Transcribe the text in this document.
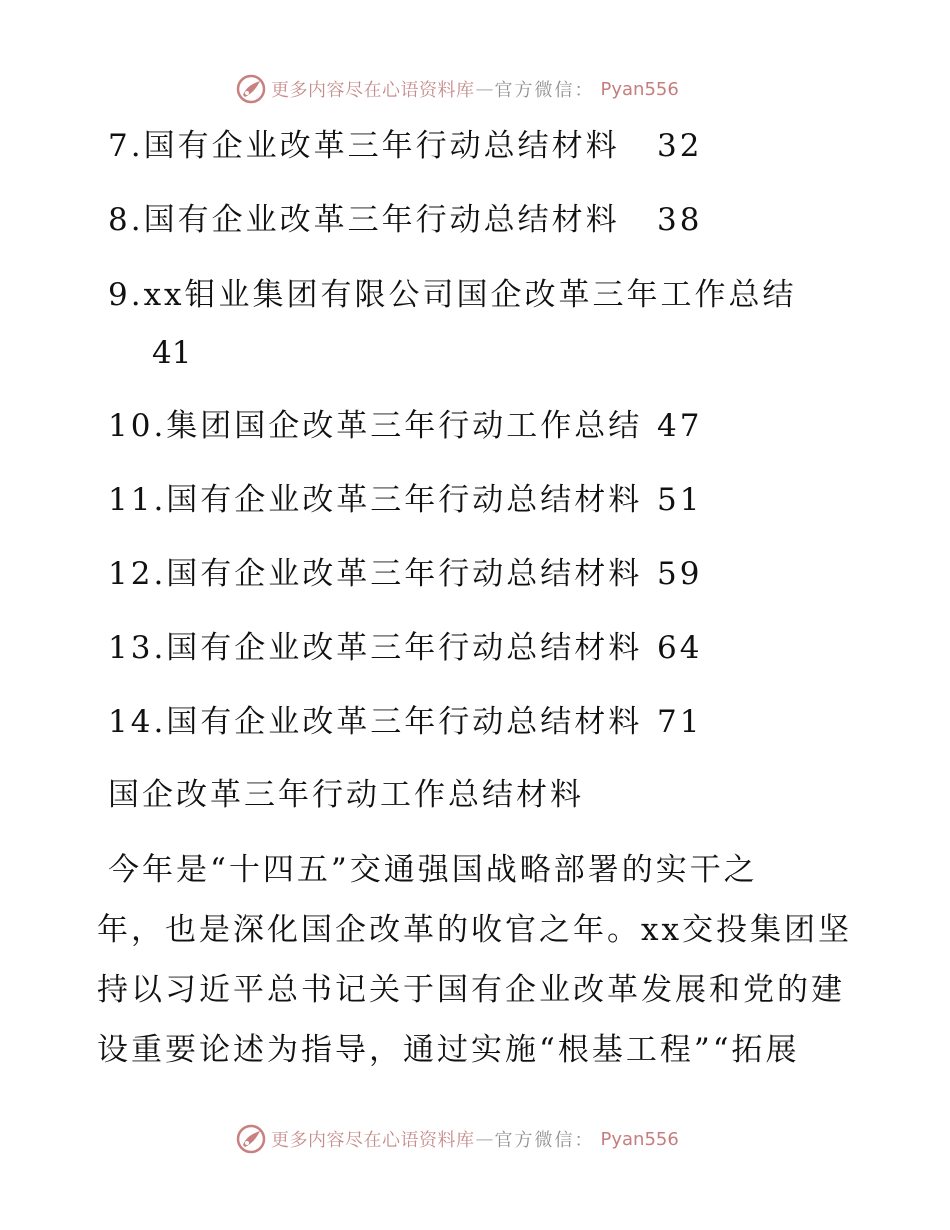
更多内容尽在心语资料库 — 官方微信： Pyan556
7.国有企业改革三年行动总结材料 32
8.国有企业改革三年行动总结材料 38
9.xx钼业集团有限公司国企改革三年工作总结
41
10.集团国企改革三年行动工作总结 47
11.国有企业改革三年行动总结材料 51
12.国有企业改革三年行动总结材料 59
13.国有企业改革三年行动总结材料 64
14.国有企业改革三年行动总结材料 71
国企改革三年行动工作总结材料
今年是“十四五”交通强国战略部署的实干之
年，也是深化国企改革的收官之年。xx交投集团坚
持以习近平总书记关于国有企业改革发展和党的建
设重要论述为指导，通过实施“根基工程”“拓展
更多内容尽在心语资料库 — 官方微信： Pyan556
